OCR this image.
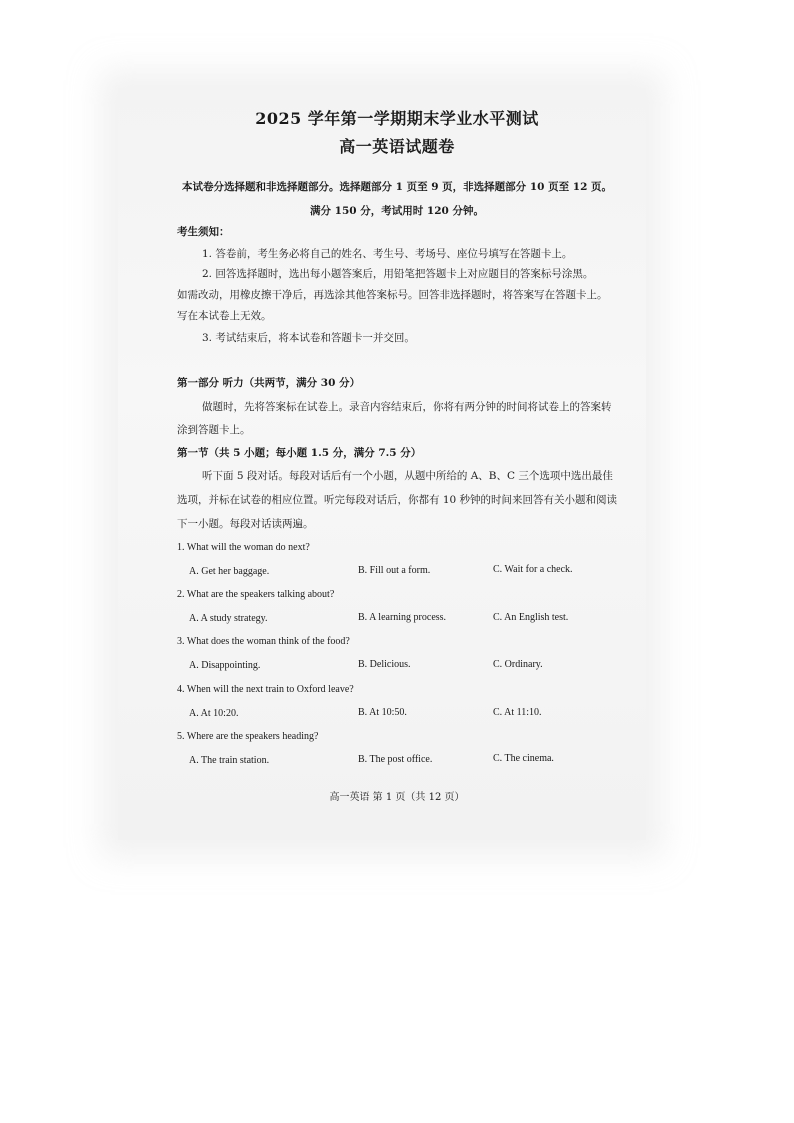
2025 学年第一学期期末学业水平测试
高一英语试题卷
本试卷分选择题和非选择题部分。选择题部分 1 页至 9 页，非选择题部分 10 页至 12 页。
满分 150 分，考试用时 120 分钟。
考生须知：
1. 答卷前，考生务必将自己的姓名、考生号、考场号、座位号填写在答题卡上。
2. 回答选择题时，选出每小题答案后，用铅笔把答题卡上对应题目的答案标号涂黑。
如需改动，用橡皮擦干净后，再选涂其他答案标号。回答非选择题时，将答案写在答题卡上。
写在本试卷上无效。
3. 考试结束后，将本试卷和答题卡一并交回。
第一部分 听力（共两节，满分 30 分）
做题时，先将答案标在试卷上。录音内容结束后，你将有两分钟的时间将试卷上的答案转
涂到答题卡上。
第一节（共 5 小题；每小题 1.5 分，满分 7.5 分）
听下面 5 段对话。每段对话后有一个小题，从题中所给的 A、B、C 三个选项中选出最佳
选项，并标在试卷的相应位置。听完每段对话后，你都有 10 秒钟的时间来回答有关小题和阅读
下一小题。每段对话读两遍。
1. What will the woman do next?
A. Get her baggage.	B. Fill out a form.	C. Wait for a check.
2. What are the speakers talking about?
A. A study strategy.	B. A learning process.	C. An English test.
3. What does the woman think of the food?
A. Disappointing.	B. Delicious.	C. Ordinary.
4. When will the next train to Oxford leave?
A. At 10:20.	B. At 10:50.	C. At 11:10.
5. Where are the speakers heading?
A. The train station.	B. The post office.	C. The cinema.
高一英语 第 1 页（共 12 页）
